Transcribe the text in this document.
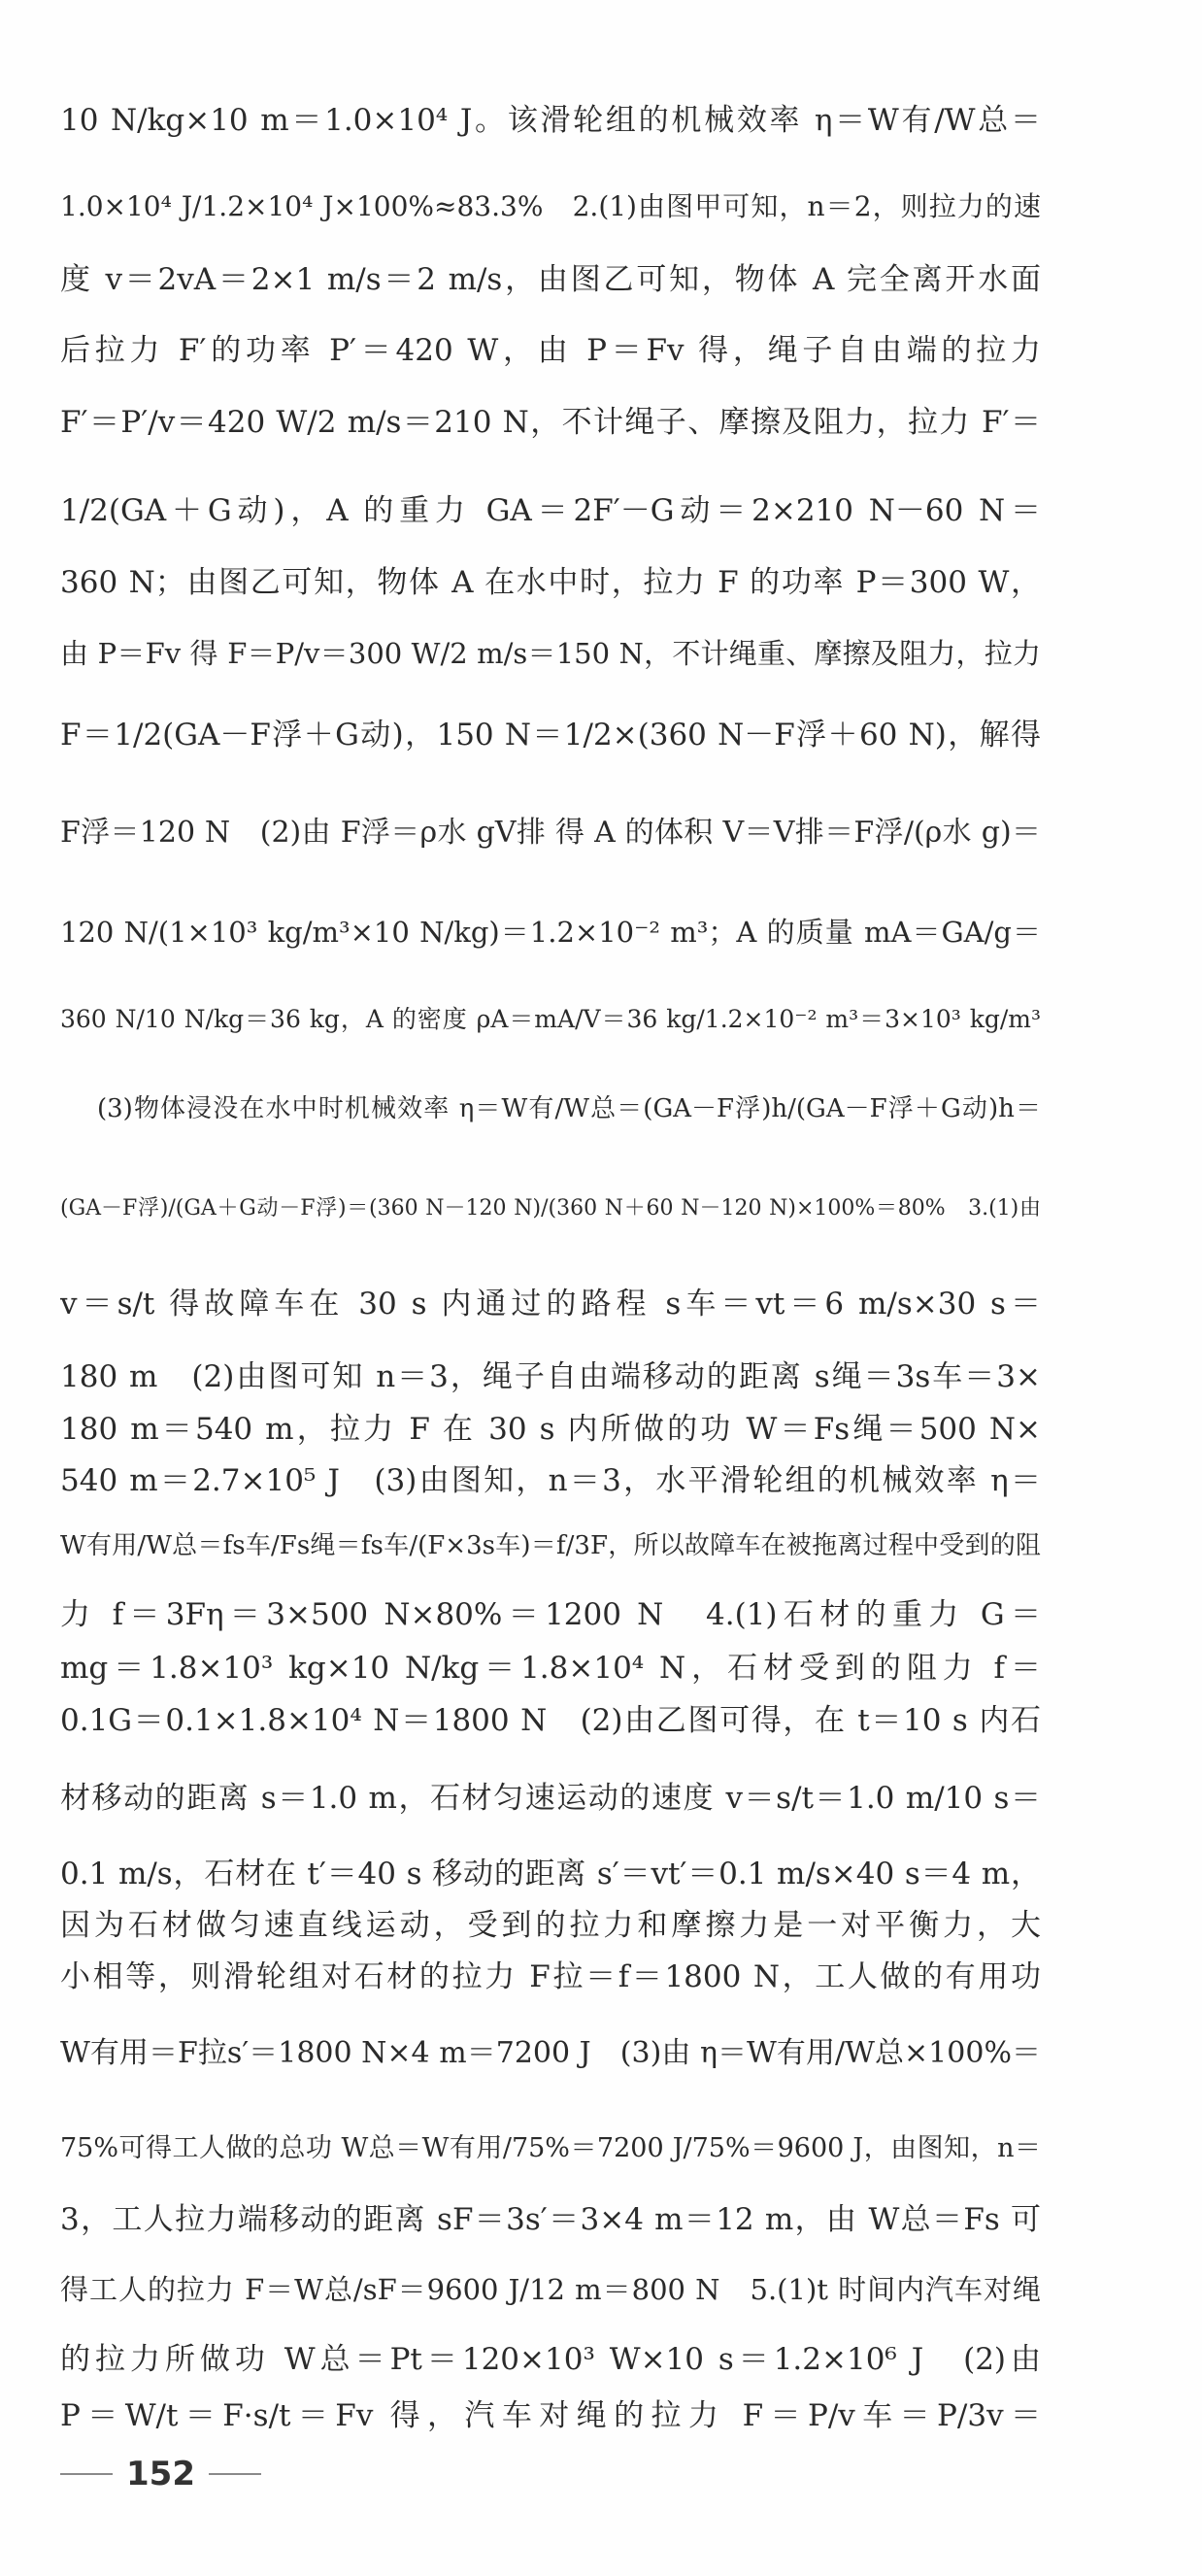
10 N/kg×10 m＝1.0×10⁴ J。该滑轮组的机械效率 η＝W有/W总＝
1.0×10⁴ J/1.2×10⁴ J×100%≈83.3%　2.(1)由图甲可知，n＝2，则拉力的速
度 v＝2vA＝2×1 m/s＝2 m/s，由图乙可知，物体 A 完全离开水面
后拉力 F′的功率 P′＝420 W，由 P＝Fv 得，绳子自由端的拉力
F′＝P′/v＝420 W/2 m/s＝210 N，不计绳子、摩擦及阻力，拉力 F′＝
1/2(GA＋G动)，A 的重力 GA＝2F′－G动＝2×210 N－60 N＝
360 N；由图乙可知，物体 A 在水中时，拉力 F 的功率 P＝300 W，
由 P＝Fv 得 F＝P/v＝300 W/2 m/s＝150 N，不计绳重、摩擦及阻力，拉力
F＝1/2(GA－F浮＋G动)，150 N＝1/2×(360 N－F浮＋60 N)，解得
F浮＝120 N　(2)由 F浮＝ρ水 gV排 得 A 的体积 V＝V排＝F浮/(ρ水 g)＝
120 N/(1×10³ kg/m³×10 N/kg)＝1.2×10⁻² m³；A 的质量 mA＝GA/g＝
360 N/10 N/kg＝36 kg，A 的密度 ρA＝mA/V＝36 kg/1.2×10⁻² m³＝3×10³ kg/m³
(3)物体浸没在水中时机械效率 η＝W有/W总＝(GA－F浮)h/(GA－F浮＋G动)h＝
(GA－F浮)/(GA＋G动－F浮)＝(360 N－120 N)/(360 N＋60 N－120 N)×100%＝80%　3.(1)由
v＝s/t 得故障车在 30 s 内通过的路程 s车＝vt＝6 m/s×30 s＝
180 m　(2)由图可知 n＝3，绳子自由端移动的距离 s绳＝3s车＝3×
180 m＝540 m，拉力 F 在 30 s 内所做的功 W＝Fs绳＝500 N×
540 m＝2.7×10⁵ J　(3)由图知，n＝3，水平滑轮组的机械效率 η＝
W有用/W总＝fs车/Fs绳＝fs车/(F×3s车)＝f/3F，所以故障车在被拖离过程中受到的阻
力 f＝3Fη＝3×500 N×80%＝1200 N　4.(1)石材的重力 G＝
mg＝1.8×10³ kg×10 N/kg＝1.8×10⁴ N，石材受到的阻力 f＝
0.1G＝0.1×1.8×10⁴ N＝1800 N　(2)由乙图可得，在 t＝10 s 内石
材移动的距离 s＝1.0 m，石材匀速运动的速度 v＝s/t＝1.0 m/10 s＝
0.1 m/s，石材在 t′＝40 s 移动的距离 s′＝vt′＝0.1 m/s×40 s＝4 m，
因为石材做匀速直线运动，受到的拉力和摩擦力是一对平衡力，大
小相等，则滑轮组对石材的拉力 F拉＝f＝1800 N，工人做的有用功
W有用＝F拉s′＝1800 N×4 m＝7200 J　(3)由 η＝W有用/W总×100%＝
75%可得工人做的总功 W总＝W有用/75%＝7200 J/75%＝9600 J，由图知，n＝
3，工人拉力端移动的距离 sF＝3s′＝3×4 m＝12 m，由 W总＝Fs 可
得工人的拉力 F＝W总/sF＝9600 J/12 m＝800 N　5.(1)t 时间内汽车对绳
的拉力所做功 W总＝Pt＝120×10³ W×10 s＝1.2×10⁶ J　(2)由
P＝W/t＝F·s/t＝Fv 得，汽车对绳的拉力 F＝P/v车＝P/3v＝
152
